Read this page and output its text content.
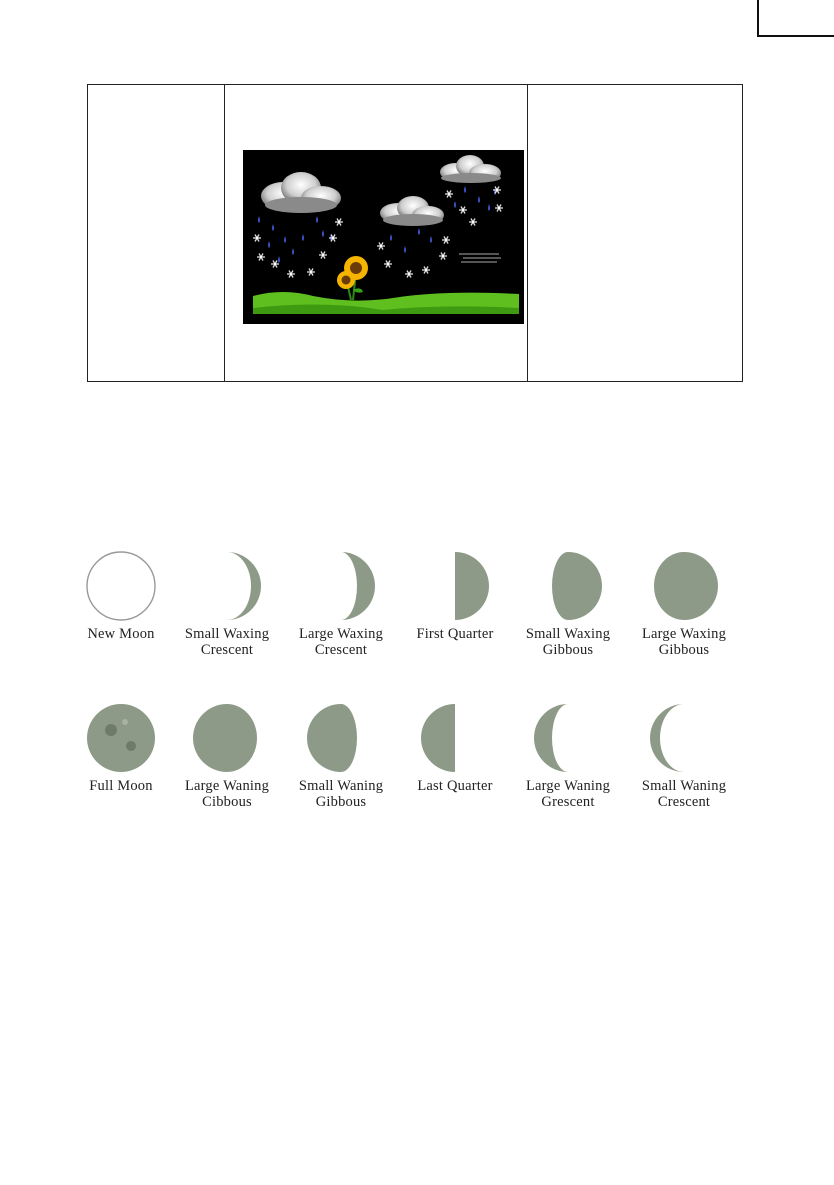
New Moon	Small Waxing
Crescent
Large Waxing
Crescent
First Quarter	Small Waxing
Gibbous
Large Waxing
Gibbous
Full Moon	Large Waning
Cibbous
Small Waning
Gibbous
Last Quarter	Large Waning
Grescent
Small Waning
Crescent
